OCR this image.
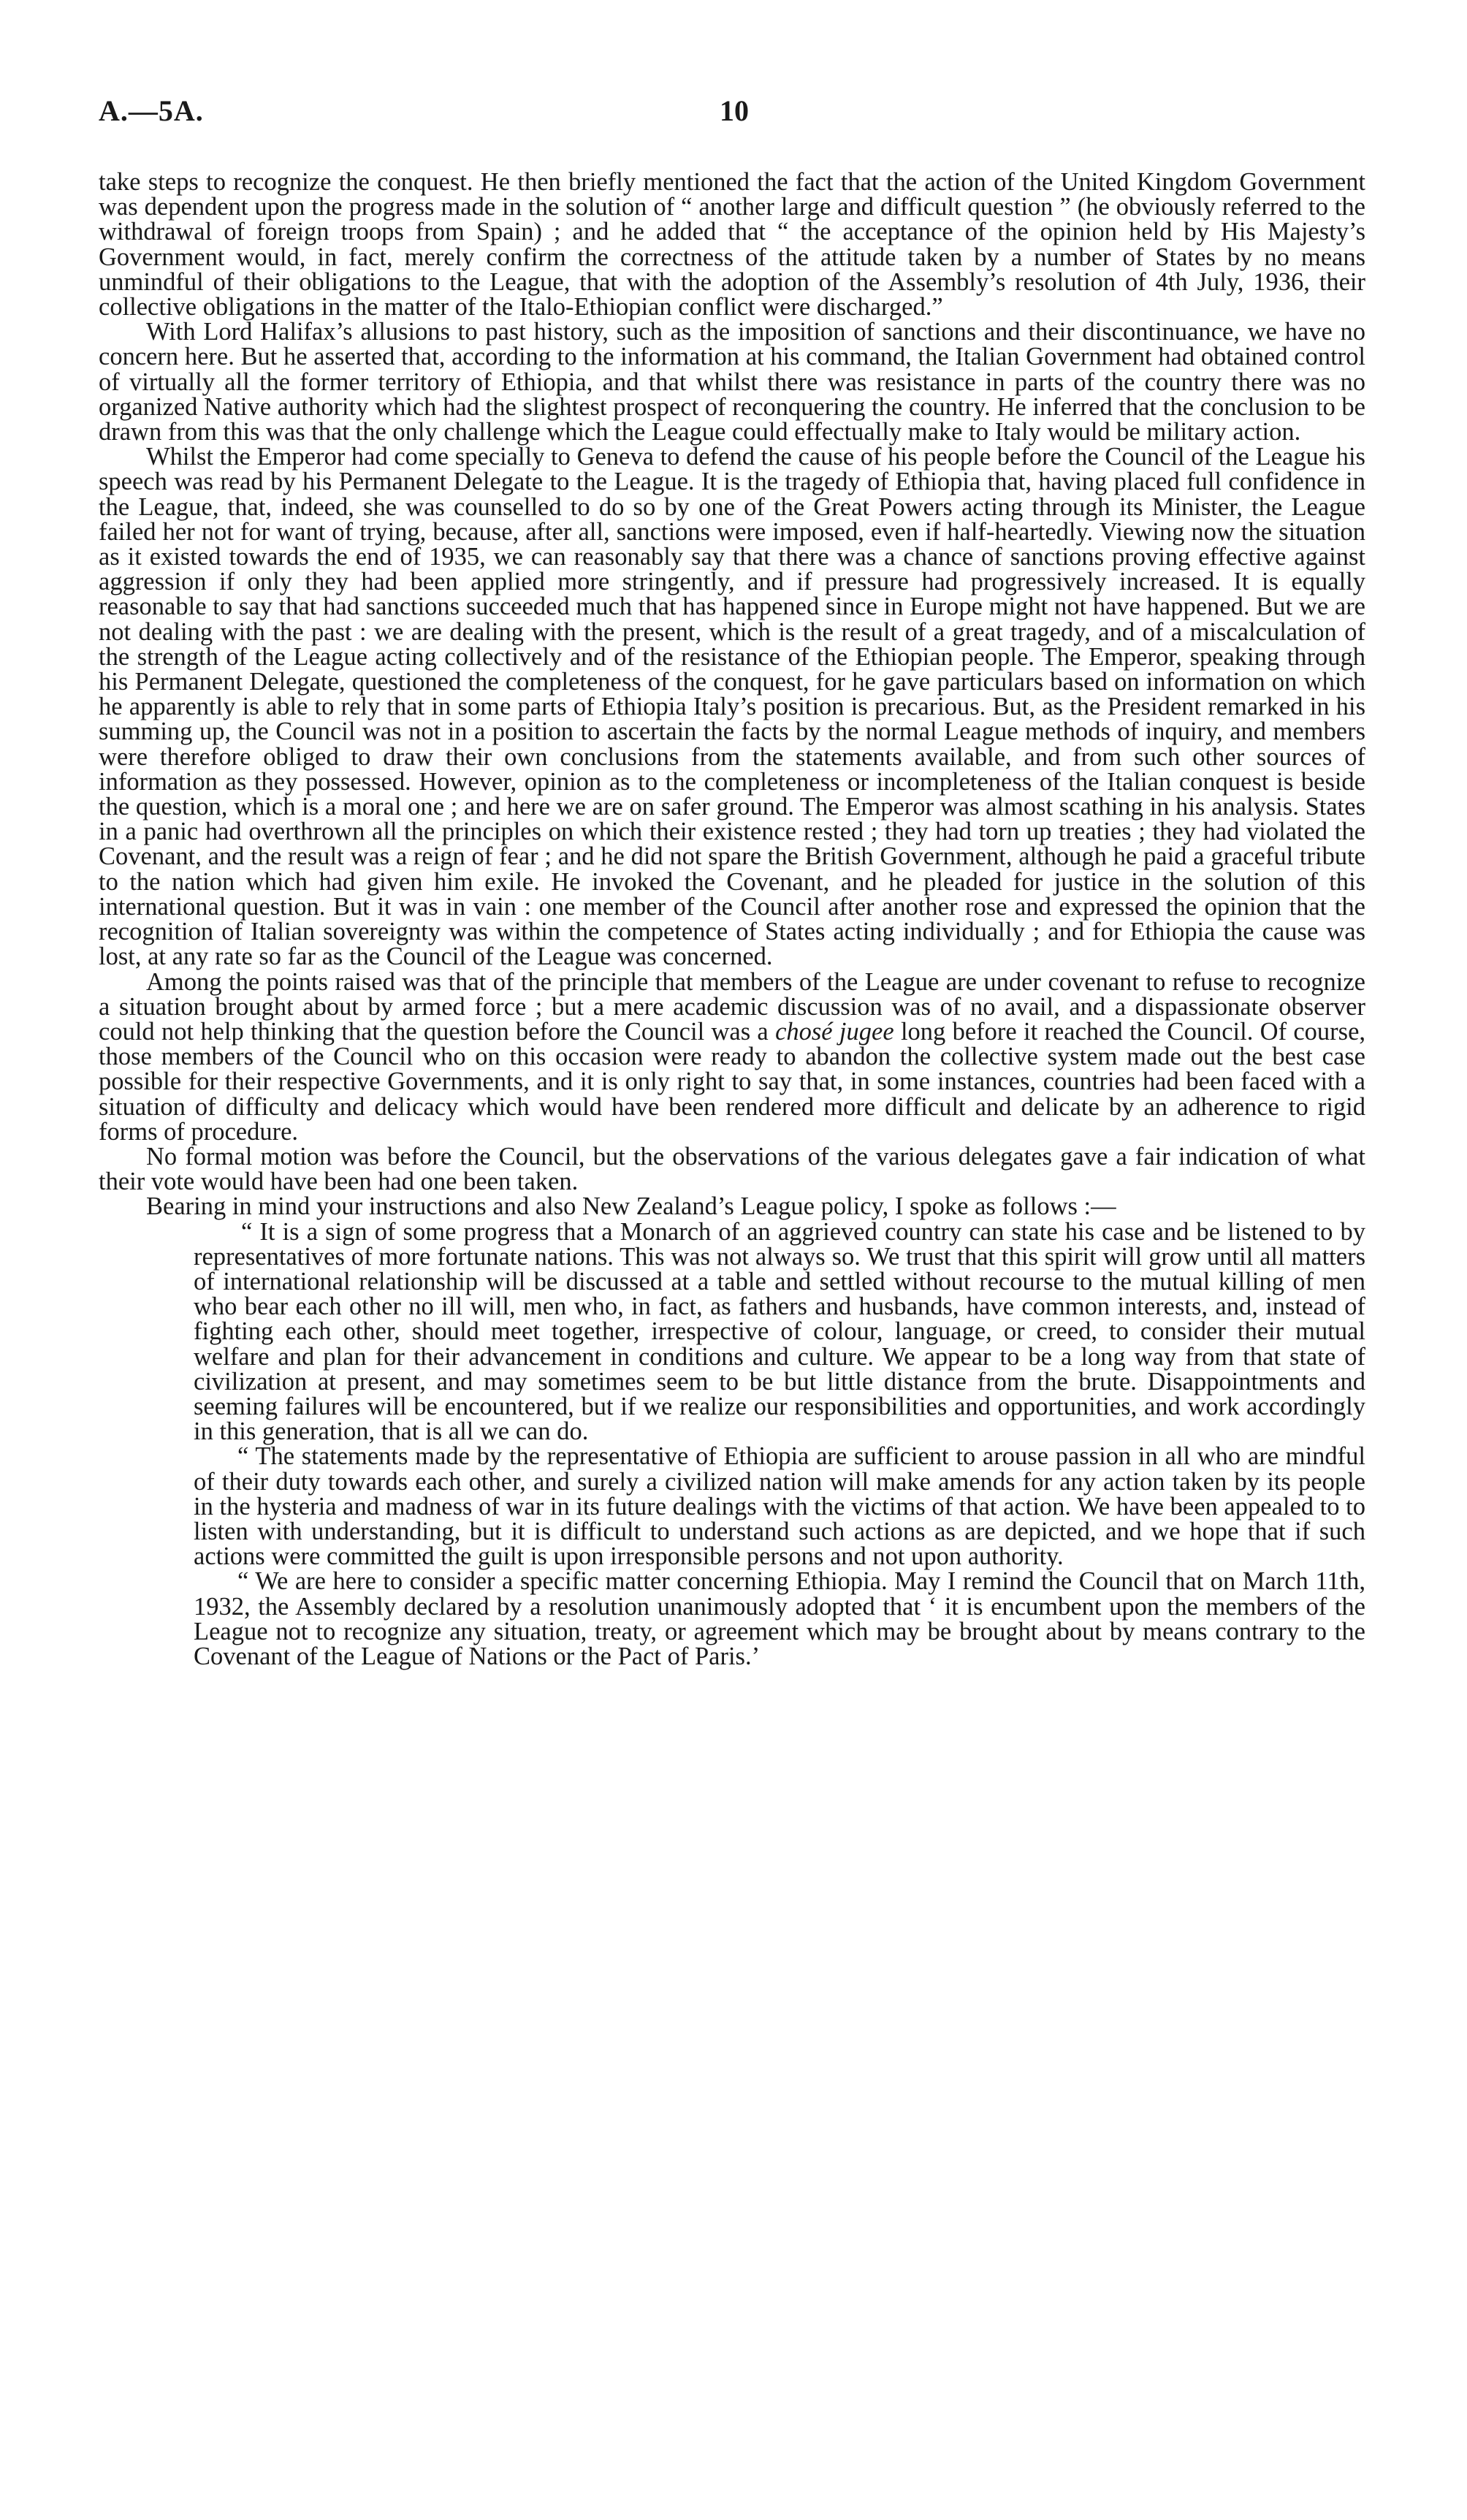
A.—5A.	10

take steps to recognize the conquest. He then briefly mentioned the fact that the action of the United Kingdom Government was dependent upon the progress made in the solution of “ another large and difficult question ” (he obviously referred to the withdrawal of foreign troops from Spain) ; and he added that “ the acceptance of the opinion held by His Majesty’s Government would, in fact, merely confirm the correctness of the attitude taken by a number of States by no means unmindful of their obligations to the League, that with the adoption of the Assembly’s resolution of 4th July, 1936, their collective obligations in the matter of the Italo-Ethiopian conflict were discharged.”

With Lord Halifax’s allusions to past history, such as the imposition of sanctions and their discontinuance, we have no concern here. But he asserted that, according to the information at his command, the Italian Government had obtained control of virtually all the former territory of Ethiopia, and that whilst there was resistance in parts of the country there was no organized Native authority which had the slightest prospect of reconquering the country. He inferred that the conclusion to be drawn from this was that the only challenge which the League could effectually make to Italy would be military action.

Whilst the Emperor had come specially to Geneva to defend the cause of his people before the Council of the League his speech was read by his Permanent Delegate to the League. It is the tragedy of Ethiopia that, having placed full confidence in the League, that, indeed, she was counselled to do so by one of the Great Powers acting through its Minister, the League failed her not for want of trying, because, after all, sanctions were imposed, even if half-heartedly. Viewing now the situation as it existed towards the end of 1935, we can reasonably say that there was a chance of sanctions proving effective against aggression if only they had been applied more stringently, and if pressure had progressively increased. It is equally reasonable to say that had sanctions succeeded much that has happened since in Europe might not have happened. But we are not dealing with the past : we are dealing with the present, which is the result of a great tragedy, and of a miscalculation of the strength of the League acting collectively and of the resistance of the Ethiopian people. The Emperor, speaking through his Permanent Delegate, questioned the completeness of the conquest, for he gave particulars based on information on which he apparently is able to rely that in some parts of Ethiopia Italy’s position is precarious. But, as the President remarked in his summing up, the Council was not in a position to ascertain the facts by the normal League methods of inquiry, and members were therefore obliged to draw their own conclusions from the statements available, and from such other sources of information as they possessed. However, opinion as to the completeness or incompleteness of the Italian conquest is beside the question, which is a moral one ; and here we are on safer ground. The Emperor was almost scathing in his analysis. States in a panic had overthrown all the principles on which their existence rested ; they had torn up treaties ; they had violated the Covenant, and the result was a reign of fear ; and he did not spare the British Government, although he paid a graceful tribute to the nation which had given him exile. He invoked the Covenant, and he pleaded for justice in the solution of this international question. But it was in vain : one member of the Council after another rose and expressed the opinion that the recognition of Italian sovereignty was within the competence of States acting individually ; and for Ethiopia the cause was lost, at any rate so far as the Council of the League was concerned.

Among the points raised was that of the principle that members of the League are under covenant to refuse to recognize a situation brought about by armed force ; but a mere academic discussion was of no avail, and a dispassionate observer could not help thinking that the question before the Council was a chosé jugee long before it reached the Council. Of course, those members of the Council who on this occasion were ready to abandon the collective system made out the best case possible for their respective Governments, and it is only right to say that, in some instances, countries had been faced with a situation of difficulty and delicacy which would have been rendered more difficult and delicate by an adherence to rigid forms of procedure.

No formal motion was before the Council, but the observations of the various delegates gave a fair indication of what their vote would have been had one been taken.

Bearing in mind your instructions and also New Zealand’s League policy, I spoke as follows :—

“ It is a sign of some progress that a Monarch of an aggrieved country can state his case and be listened to by representatives of more fortunate nations. This was not always so. We trust that this spirit will grow until all matters of international relationship will be discussed at a table and settled without recourse to the mutual killing of men who bear each other no ill will, men who, in fact, as fathers and husbands, have common interests, and, instead of fighting each other, should meet together, irrespective of colour, language, or creed, to consider their mutual welfare and plan for their advancement in conditions and culture. We appear to be a long way from that state of civilization at present, and may sometimes seem to be but little distance from the brute. Disappointments and seeming failures will be encountered, but if we realize our responsibilities and opportunities, and work accordingly in this generation, that is all we can do.

“ The statements made by the representative of Ethiopia are sufficient to arouse passion in all who are mindful of their duty towards each other, and surely a civilized nation will make amends for any action taken by its people in the hysteria and madness of war in its future dealings with the victims of that action. We have been appealed to to listen with understanding, but it is difficult to understand such actions as are depicted, and we hope that if such actions were committed the guilt is upon irresponsible persons and not upon authority.

“ We are here to consider a specific matter concerning Ethiopia. May I remind the Council that on March 11th, 1932, the Assembly declared by a resolution unanimously adopted that ‘ it is encumbent upon the members of the League not to recognize any situation, treaty, or agreement which may be brought about by means contrary to the Covenant of the League of Nations or the Pact of Paris.’
